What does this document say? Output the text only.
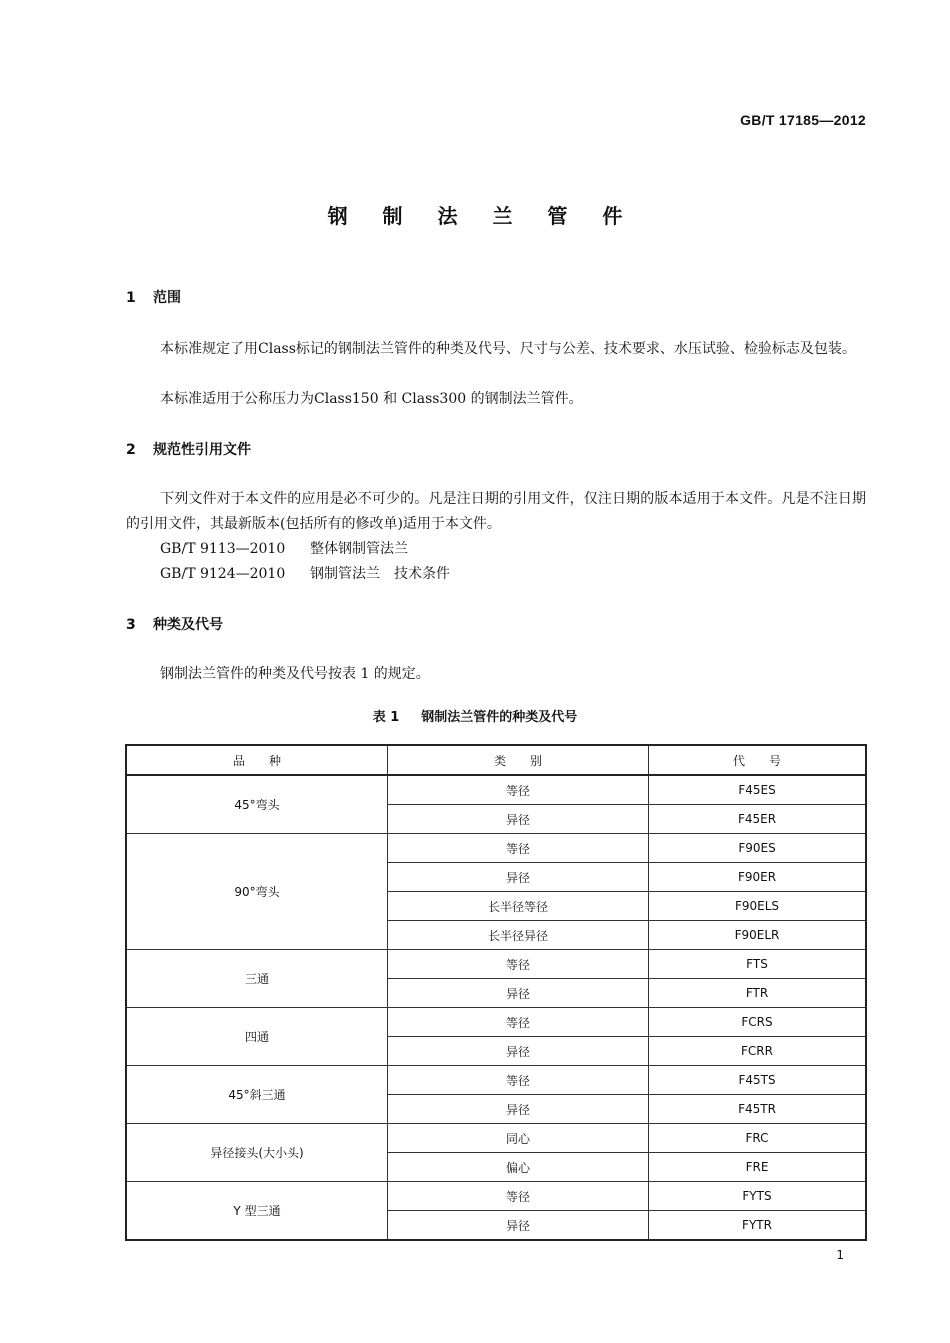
GB/T 17185—2012
钢 制 法 兰 管 件
1 范围
本标准规定了用Class标记的钢制法兰管件的种类及代号、尺寸与公差、技术要求、水压试验、检验标志及包装。
本标准适用于公称压力为Class150 和 Class300 的钢制法兰管件。
2 规范性引用文件
下列文件对于本文件的应用是必不可少的。凡是注日期的引用文件，仅注日期的版本适用于本文件。凡是不注日期的引用文件，其最新版本(包括所有的修改单)适用于本文件。
GB/T 9113—2010 整体钢制管法兰
GB/T 9124—2010 钢制管法兰　技术条件
3 种类及代号
钢制法兰管件的种类及代号按表 1 的规定。
表 1 钢制法兰管件的种类及代号
品　　种	类　　别	代　　号
45°弯头	等径	F45ES
	异径	F45ER
90°弯头	等径	F90ES
	异径	F90ER
	长半径等径	F90ELS
	长半径异径	F90ELR
三通	等径	FTS
	异径	FTR
四通	等径	FCRS
	异径	FCRR
45°斜三通	等径	F45TS
	异径	F45TR
异径接头(大小头)	同心	FRC
	偏心	FRE
Y 型三通	等径	FYTS
	异径	FYTR
1
